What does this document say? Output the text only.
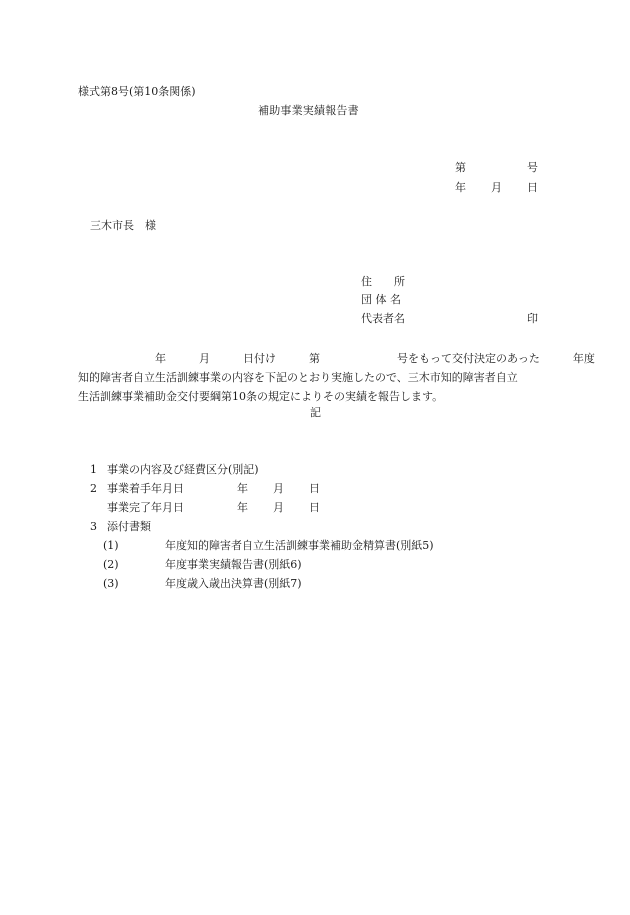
様式第8号(第10条関係)
補助事業実績報告書
第	号
年 月 日
三木市長　様
住　　所
団 体 名
代表者名	印
　　　　　　　年　　　月　　　日付け　　　第　　　　　　　号をもって交付決定のあった　　　年度
知的障害者自立生活訓練事業の内容を下記のとおり実施したので、三木市知的障害者自立
生活訓練事業補助金交付要綱第10条の規定によりその実績を報告します。
記
1 事業の内容及び経費区分(別記)
2 事業着手年月日	年 月 日
事業完了年月日	年 月 日
3 添付書類
(1)	年度知的障害者自立生活訓練事業補助金精算書(別紙5)
(2)	年度事業実績報告書(別紙6)
(3)	年度歳入歳出決算書(別紙7)
